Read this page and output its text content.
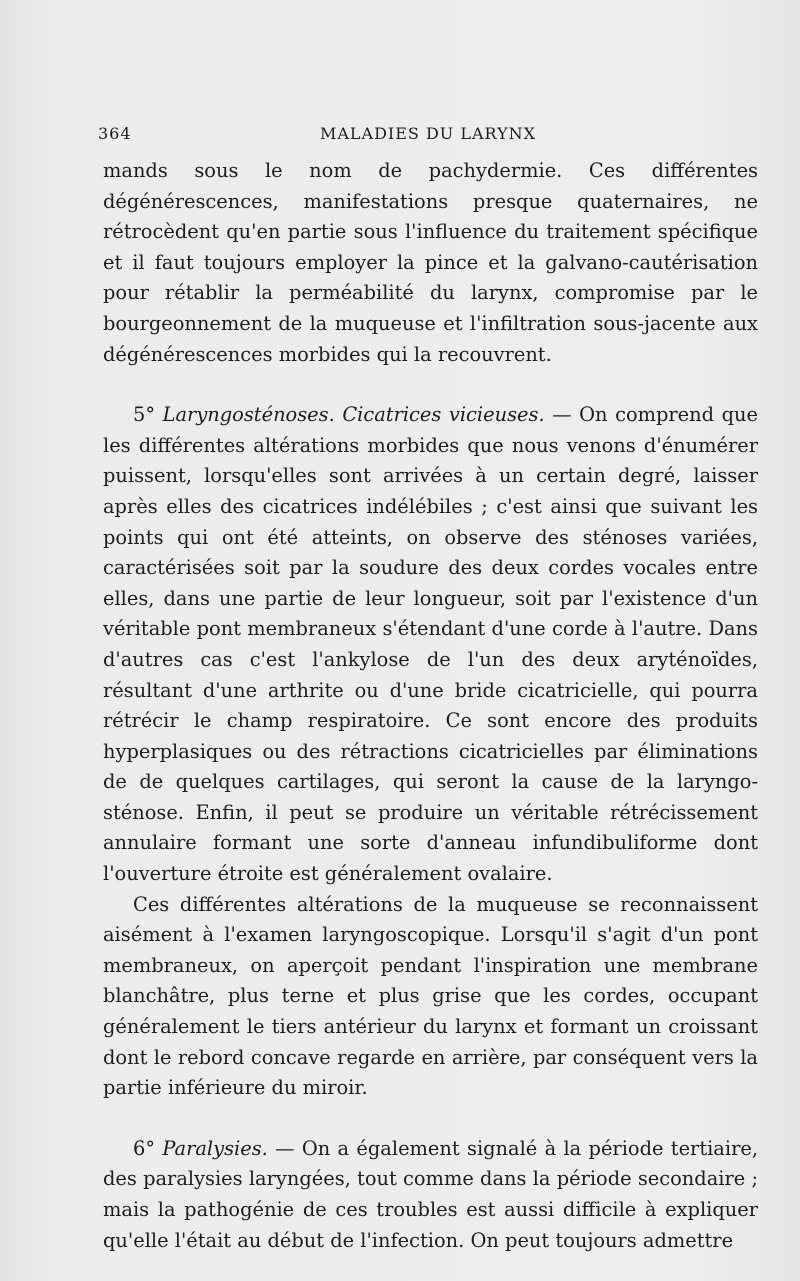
364	MALADIES DU LARYNX

mands sous le nom de pachydermie. Ces différentes dégénérescences, manifestations presque quaternaires, ne rétrocèdent qu'en partie sous l'influence du traitement spécifique et il faut toujours employer la pince et la galvano-cautérisation pour rétablir la perméabilité du larynx, compromise par le bourgeonnement de la muqueuse et l'infiltration sous-jacente aux dégénérescences morbides qui la recouvrent.

5° Laryngosténoses. Cicatrices vicieuses. — On comprend que les différentes altérations morbides que nous venons d'énumérer puissent, lorsqu'elles sont arrivées à un certain degré, laisser après elles des cicatrices indélébiles ; c'est ainsi que suivant les points qui ont été atteints, on observe des sténoses variées, caractérisées soit par la soudure des deux cordes vocales entre elles, dans une partie de leur longueur, soit par l'existence d'un véritable pont membraneux s'étendant d'une corde à l'autre. Dans d'autres cas c'est l'ankylose de l'un des deux aryténoïdes, résultant d'une arthrite ou d'une bride cicatricielle, qui pourra rétrécir le champ respiratoire. Ce sont encore des produits hyperplasiques ou des rétractions cicatricielles par éliminations de de quelques cartilages, qui seront la cause de la laryngo-sténose. Enfin, il peut se produire un véritable rétrécissement annulaire formant une sorte d'anneau infundibuliforme dont l'ouverture étroite est généralement ovalaire.

Ces différentes altérations de la muqueuse se reconnaissent aisément à l'examen laryngoscopique. Lorsqu'il s'agit d'un pont membraneux, on aperçoit pendant l'inspiration une membrane blanchâtre, plus terne et plus grise que les cordes, occupant généralement le tiers antérieur du larynx et formant un croissant dont le rebord concave regarde en arrière, par conséquent vers la partie inférieure du miroir.

6° Paralysies. — On a également signalé à la période tertiaire, des paralysies laryngées, tout comme dans la période secondaire ; mais la pathogénie de ces troubles est aussi difficile à expliquer qu'elle l'était au début de l'infection. On peut toujours admettre
